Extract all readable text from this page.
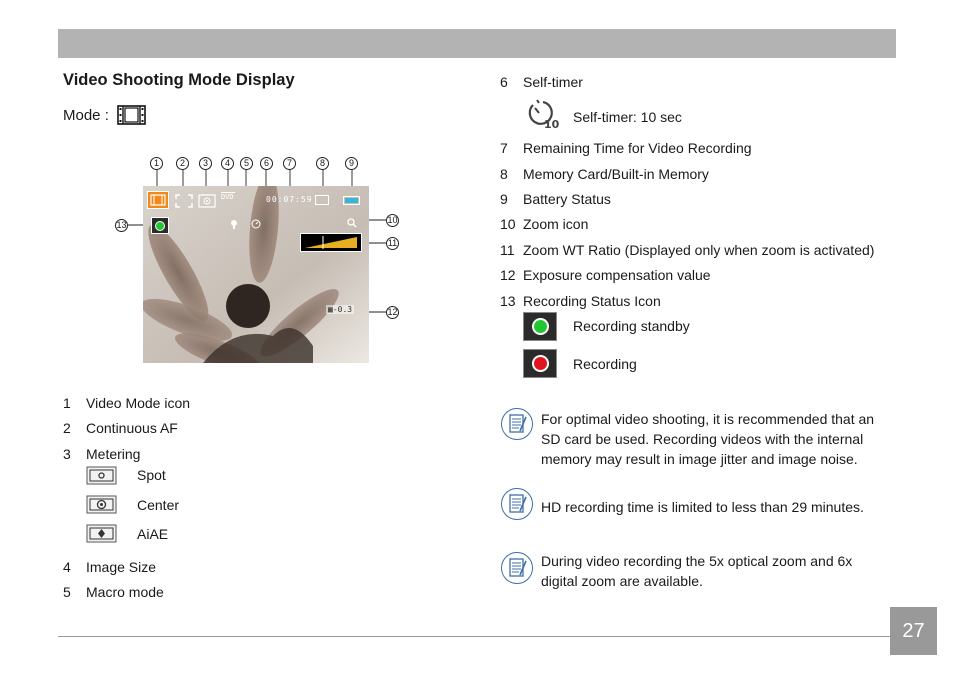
Video Shooting Mode Display
Mode :
1	2	3	4	5	6	7	8	9
10
11
12
13
DVD	00:07:59
▦-0.3
1	Video Mode icon
2	Continuous AF
3	Metering
Spot
Center
AiAE
4	Image Size
5	Macro mode
6	Self-timer
10 Self-timer: 10 sec
7	Remaining Time for Video Recording
8	Memory Card/Built-in Memory
9	Battery Status
10 Zoom icon
11 Zoom WT Ratio (Displayed only when zoom is activated)
12 Exposure compensation value
13 Recording Status Icon
Recording standby
Recording
For optimal video shooting, it is recommended that an
SD card be used. Recording videos with the internal
memory may result in image jitter and image noise.
HD recording time is limited to less than 29 minutes.
During video recording the 5x optical zoom and 6x
digital zoom are available.
27
